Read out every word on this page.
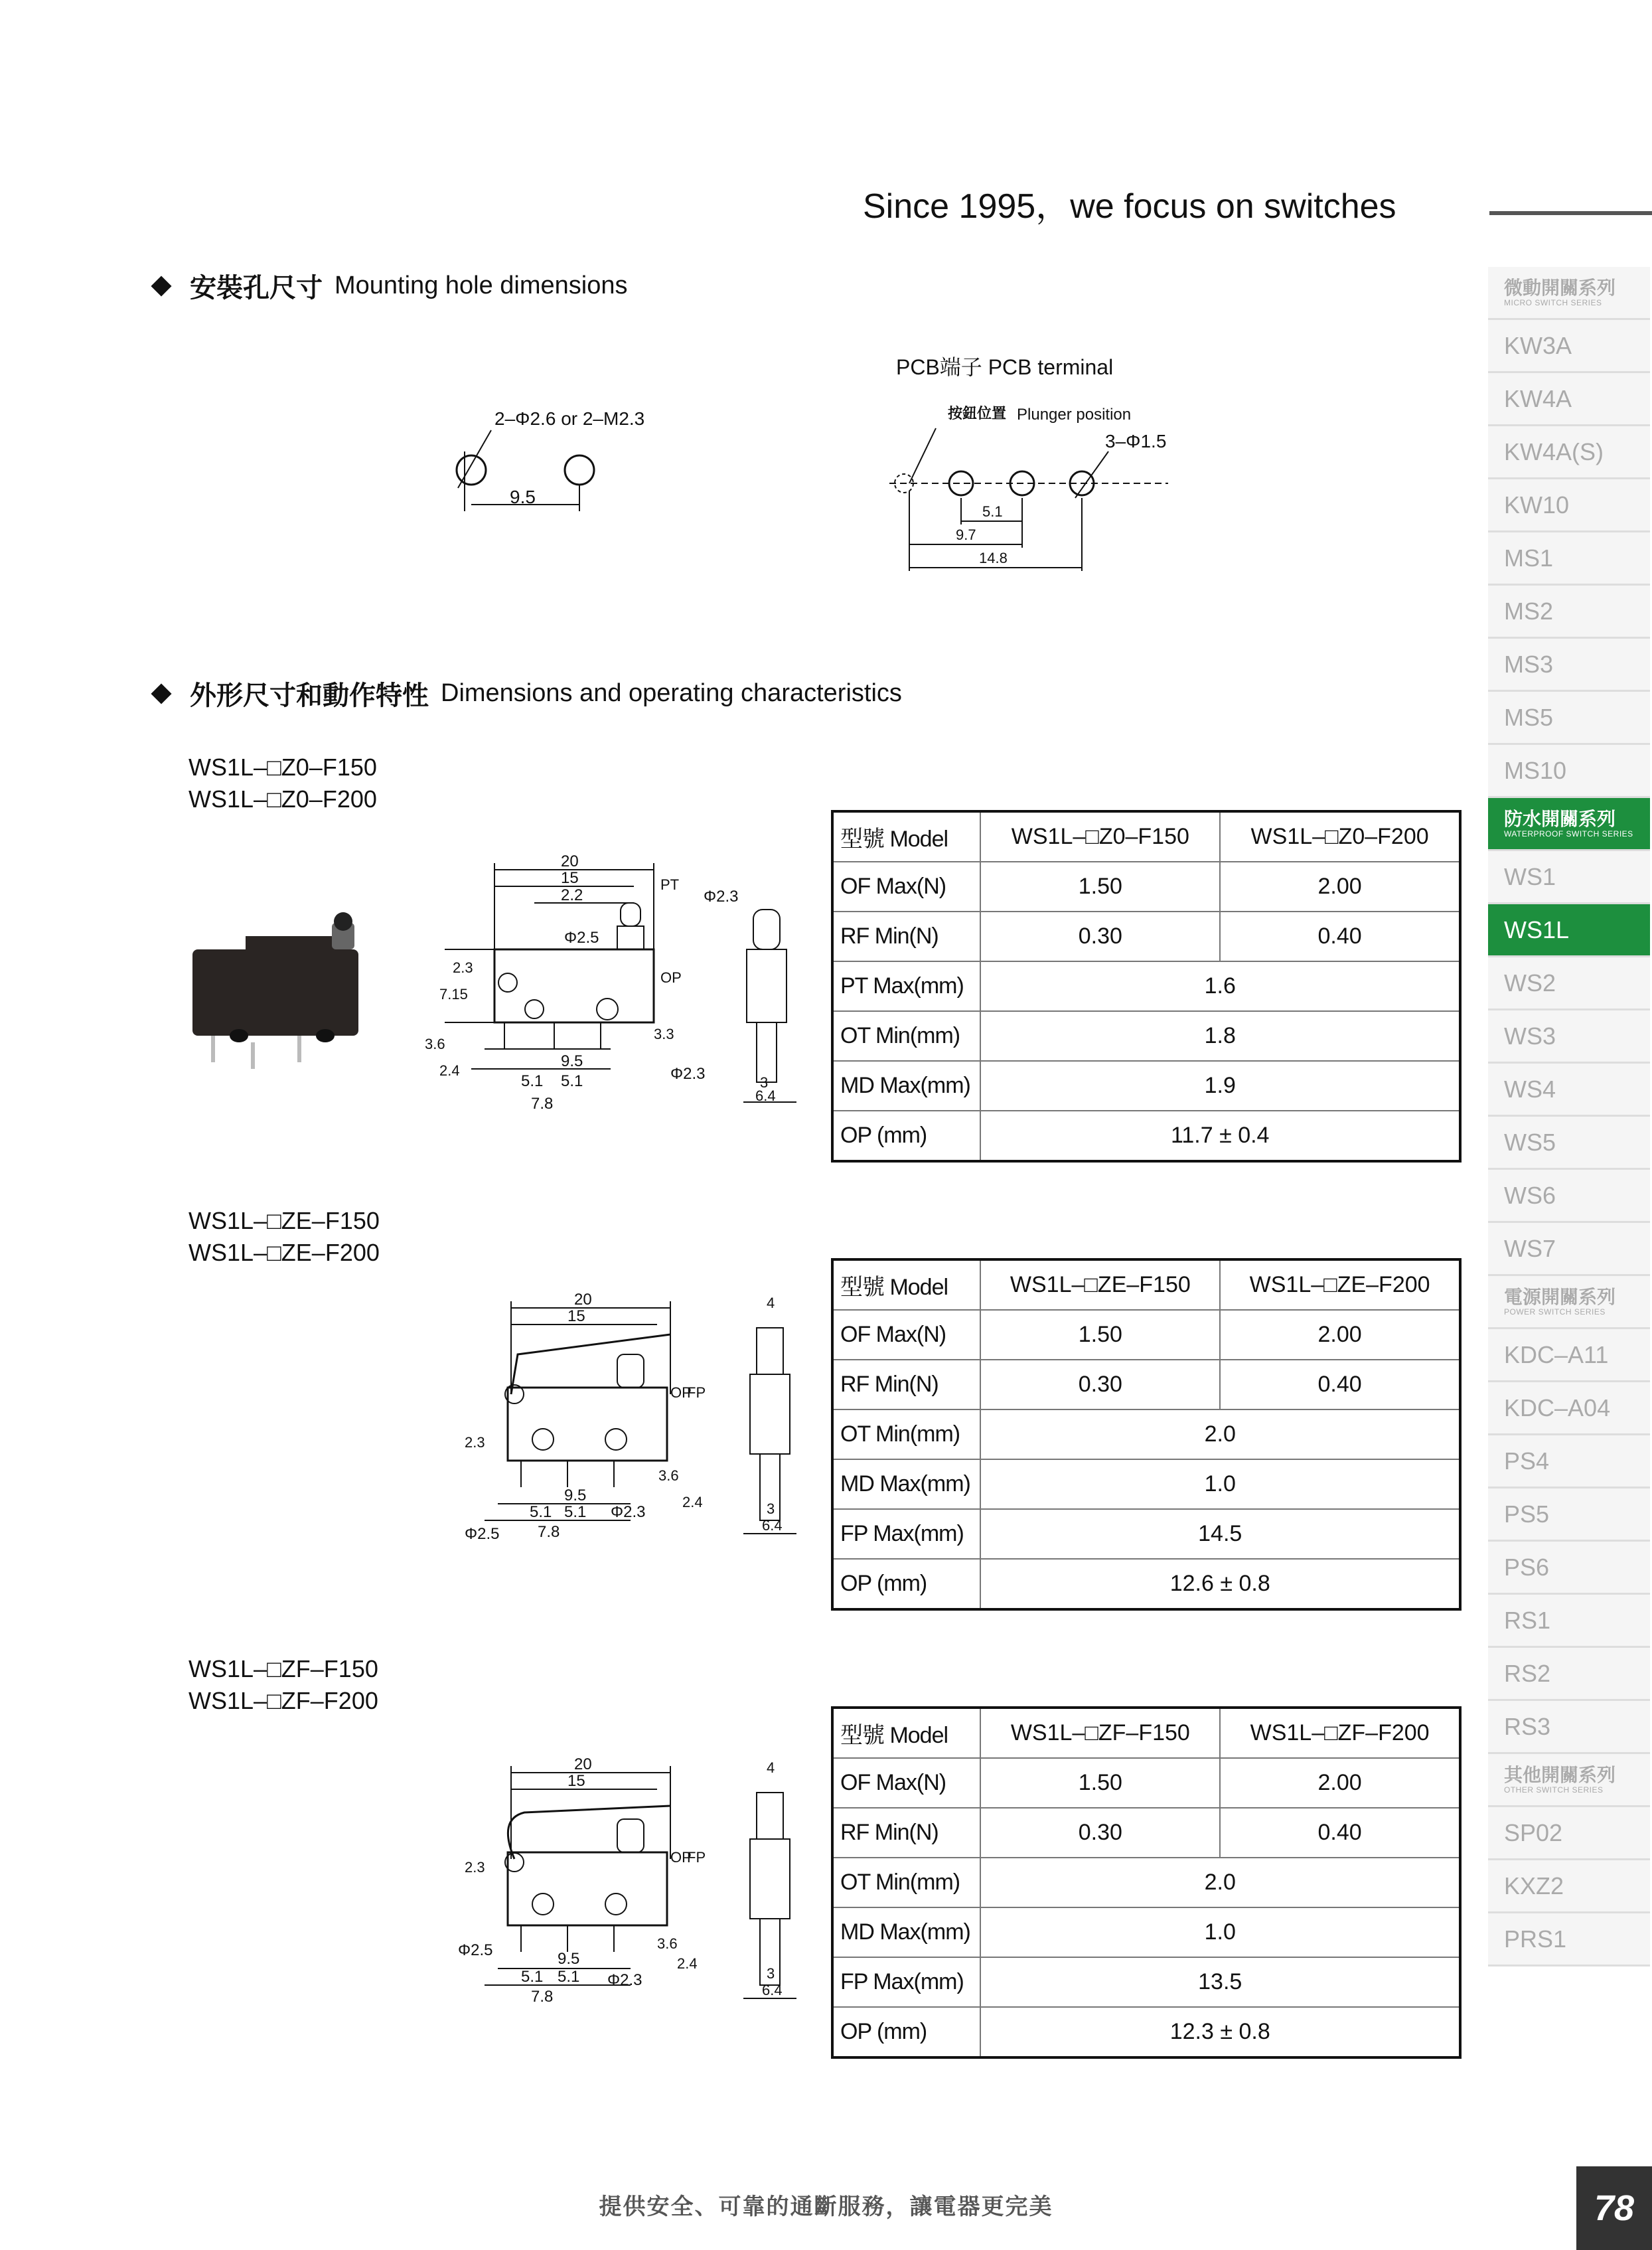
Since 1995，we focus on switches
安裝孔尺寸 Mounting hole dimensions
2–Φ2.6 or 2–M2.3
9.5
PCB端子 PCB terminal
按鈕位置 Plunger position
3–Φ1.5
5.1
9.7
14.8
外形尺寸和動作特性 Dimensions and operating characteristics
WS1L–□Z0–F150
WS1L–□Z0–F200
20
15
2.2
Φ2.5
PT
OP
Φ2.3
2.3
7.15
3.6
2.4
9.5
5.1 5.1
7.8
3.3
Φ2.3	3
6.4
型號 Model	WS1L–□Z0–F150	WS1L–□Z0–F200
OF Max(N)	1.50	2.00
RF Min(N)	0.30	0.40
PT Max(mm)	1.6	
OT Min(mm)	1.8	
MD Max(mm)	1.9	
OP (mm)	11.7 ± 0.4	
WS1L–□ZE–F150
WS1L–□ZE–F200
20
15
OP
FP
2.3
3.6
2.4
9.5
5.1 5.1
7.8
Φ2.3
Φ2.5
4
3
6.4
型號 Model	WS1L–□ZE–F150	WS1L–□ZE–F200
OF Max(N)	1.50	2.00
RF Min(N)	0.30	0.40
OT Min(mm)	2.0	
MD Max(mm)	1.0	
FP Max(mm)	14.5	
OP (mm)	12.6 ± 0.8	
WS1L–□ZF–F150
WS1L–□ZF–F200
20
15
OP
FP
2.3
Φ2.5	3.6
2.4
9.5
5.1 5.1
7.8
Φ2.3
4
3
6.4
型號 Model	WS1L–□ZF–F150	WS1L–□ZF–F200
OF Max(N)	1.50	2.00
RF Min(N)	0.30	0.40
OT Min(mm)	2.0	
MD Max(mm)	1.0	
FP Max(mm)	13.5	
OP (mm)	12.3 ± 0.8	
微動開關系列
MICRO SWITCH SERIES
KW3A
KW4A
KW4A(S)
KW10
MS1
MS2
MS3
MS5
MS10
防水開關系列
WATERPROOF SWITCH SERIES
WS1
WS1L
WS2
WS3
WS4
WS5
WS6
WS7
電源開關系列
POWER SWITCH SERIES
KDC–A11
KDC–A04
PS4
PS5
PS6
RS1
RS2
RS3
其他開關系列
OTHER SWITCH SERIES
SP02
KXZ2
PRS1
提供安全、可靠的通斷服務，讓電器更完美	78
